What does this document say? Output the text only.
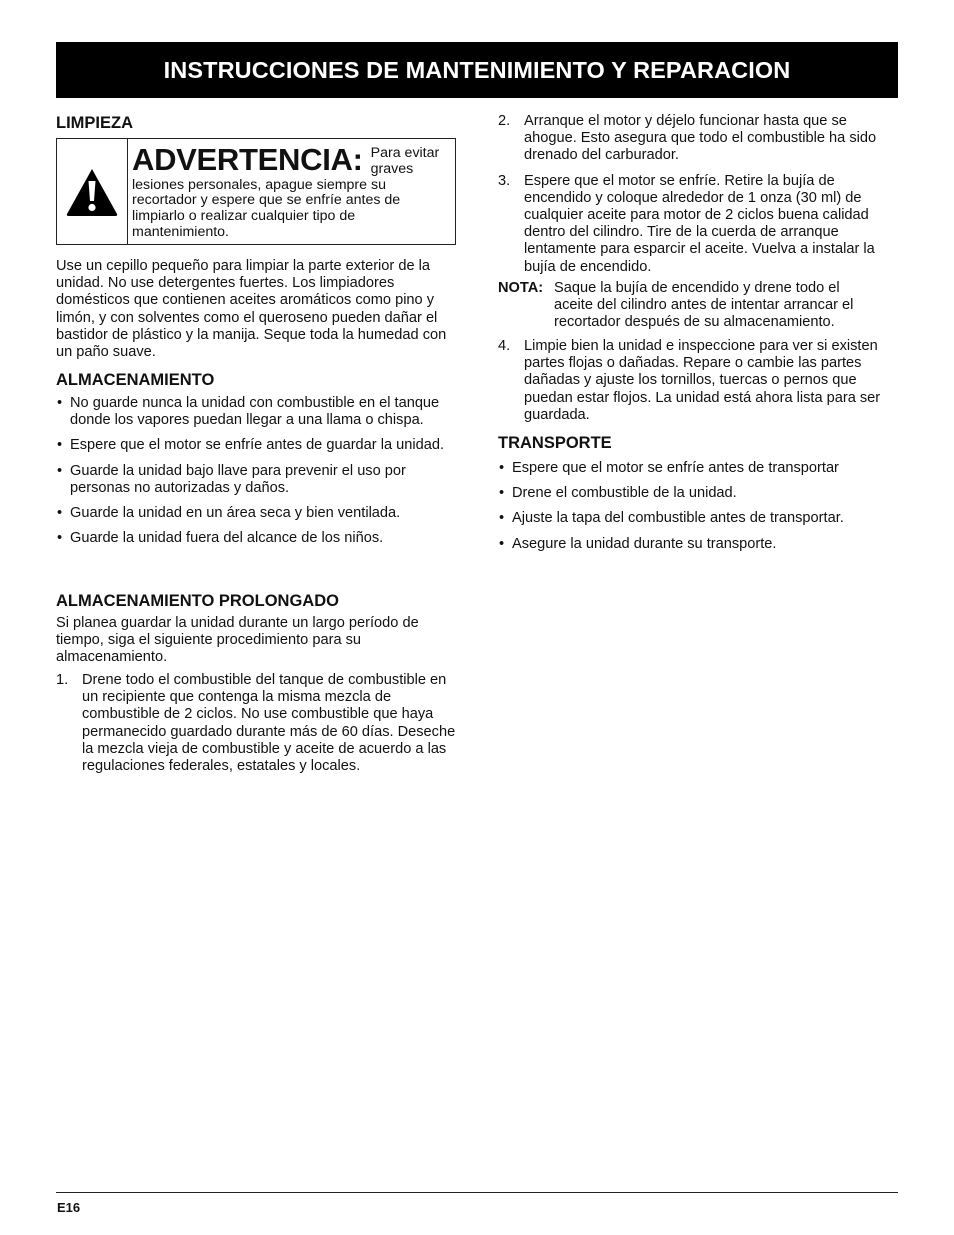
INSTRUCCIONES DE MANTENIMIENTO Y REPARACION
LIMPIEZA
ADVERTENCIA: Para evitar graves
lesiones personales, apague siempre su recortador y espere que se enfríe antes de limpiarlo o realizar cualquier tipo de mantenimiento.

Use un cepillo pequeño para limpiar la parte exterior de la unidad. No use detergentes fuertes. Los limpiadores domésticos que contienen aceites aromáticos como pino y limón, y con solventes como el queroseno pueden dañar el bastidor de plástico y la manija. Seque toda la humedad con un paño suave.

ALMACENAMIENTO
• No guarde nunca la unidad con combustible en el tanque donde los vapores puedan llegar a una llama o chispa.
• Espere que el motor se enfríe antes de guardar la unidad.
• Guarde la unidad bajo llave para prevenir el uso por personas no autorizadas y daños.
• Guarde la unidad en un área seca y bien ventilada.
• Guarde la unidad fuera del alcance de los niños.
ALMACENAMIENTO PROLONGADO

Si planea guardar la unidad durante un largo período de tiempo, siga el siguiente procedimiento para su almacenamiento.

1. Drene todo el combustible del tanque de combustible en un recipiente que contenga la misma mezcla de combustible de 2 ciclos. No use combustible que haya permanecido guardado durante más de 60 días. Deseche la mezcla vieja de combustible y aceite de acuerdo a las regulaciones federales, estatales y locales.
2. Arranque el motor y déjelo funcionar hasta que se ahogue. Esto asegura que todo el combustible ha sido drenado del carburador.
3. Espere que el motor se enfríe. Retire la bujía de encendido y coloque alrededor de 1 onza (30 ml) de cualquier aceite para motor de 2 ciclos buena calidad dentro del cilindro. Tire de la cuerda de arranque lentamente para esparcir el aceite. Vuelva a instalar la bujía de encendido.
NOTA: Saque la bujía de encendido y drene todo el aceite del cilindro antes de intentar arrancar el recortador después de su almacenamiento.
4. Limpie bien la unidad e inspeccione para ver si existen partes flojas o dañadas. Repare o cambie las partes dañadas y ajuste los tornillos, tuercas o pernos que puedan estar flojos. La unidad está ahora lista para ser guardada.
TRANSPORTE
• Espere que el motor se enfríe antes de transportar
• Drene el combustible de la unidad.
• Ajuste la tapa del combustible antes de transportar.
• Asegure la unidad durante su transporte.
E16
